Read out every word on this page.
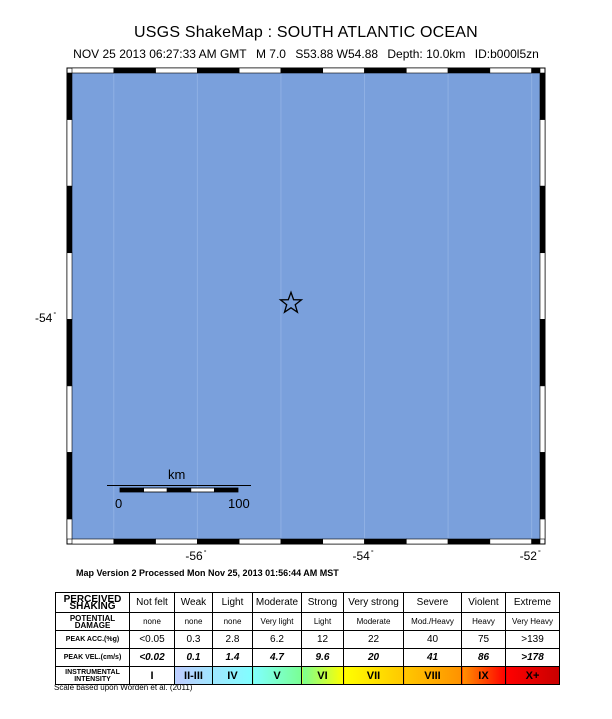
USGS ShakeMap : SOUTH ATLANTIC OCEAN
NOV 25 2013 06:27:33 AM GMT M 7.0 S53.88 W54.88 Depth: 10.0km ID:b000l5zn
-56°	-54°	-52°
-54°
km
0	100
Map Version 2 Processed Mon Nov 25, 2013 01:56:44 AM MST
PERCEIVED SHAKING	Not felt	Weak	Light	Moderate	Strong	Very strong	Severe	Violent	Extreme
POTENTIAL DAMAGE	none	none	none	Very light	Light	Moderate	Mod./Heavy	Heavy	Very Heavy
PEAK ACC.(%g)	<0.05	0.3	2.8	6.2	12	22	40	75	>139
PEAK VEL.(cm/s)	<0.02	0.1	1.4	4.7	9.6	20	41	86	>178
INSTRUMENTAL INTENSITY	I	II-III	IV	V	VI	VII	VIII	IX	X+
Scale based upon Worden et al. (2011)
